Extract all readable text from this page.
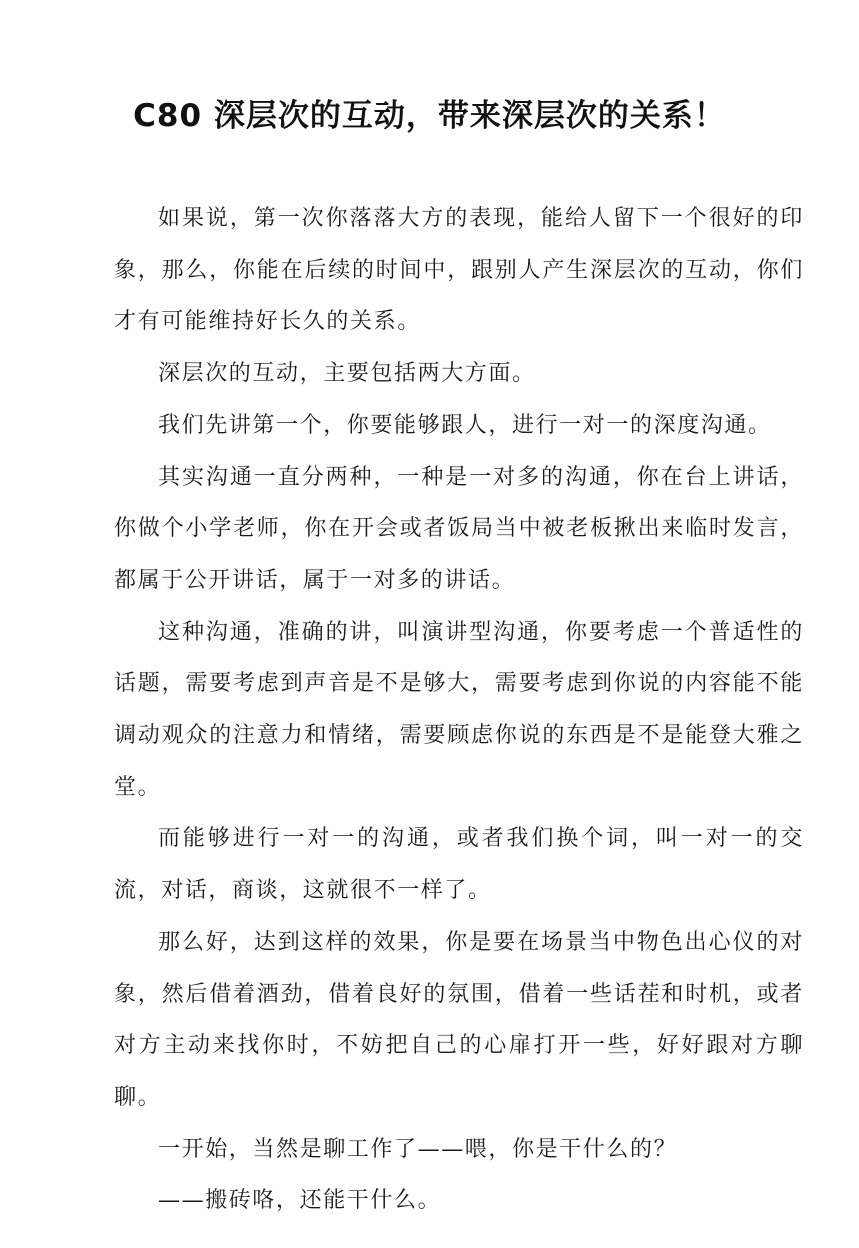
C80 深层次的互动，带来深层次的关系！

如果说，第一次你落落大方的表现，能给人留下一个很好的印象，那么，你能在后续的时间中，跟别人产生深层次的互动，你们才有可能维持好长久的关系。

深层次的互动，主要包括两大方面。

我们先讲第一个，你要能够跟人，进行一对一的深度沟通。

其实沟通一直分两种，一种是一对多的沟通，你在台上讲话，你做个小学老师，你在开会或者饭局当中被老板揪出来临时发言，都属于公开讲话，属于一对多的讲话。

这种沟通，准确的讲，叫演讲型沟通，你要考虑一个普适性的话题，需要考虑到声音是不是够大，需要考虑到你说的内容能不能调动观众的注意力和情绪，需要顾虑你说的东西是不是能登大雅之堂。

而能够进行一对一的沟通，或者我们换个词，叫一对一的交流，对话，商谈，这就很不一样了。

那么好，达到这样的效果，你是要在场景当中物色出心仪的对象，然后借着酒劲，借着良好的氛围，借着一些话茬和时机，或者对方主动来找你时，不妨把自己的心扉打开一些，好好跟对方聊聊。

一开始，当然是聊工作了——喂，你是干什么的？

——搬砖咯，还能干什么。
